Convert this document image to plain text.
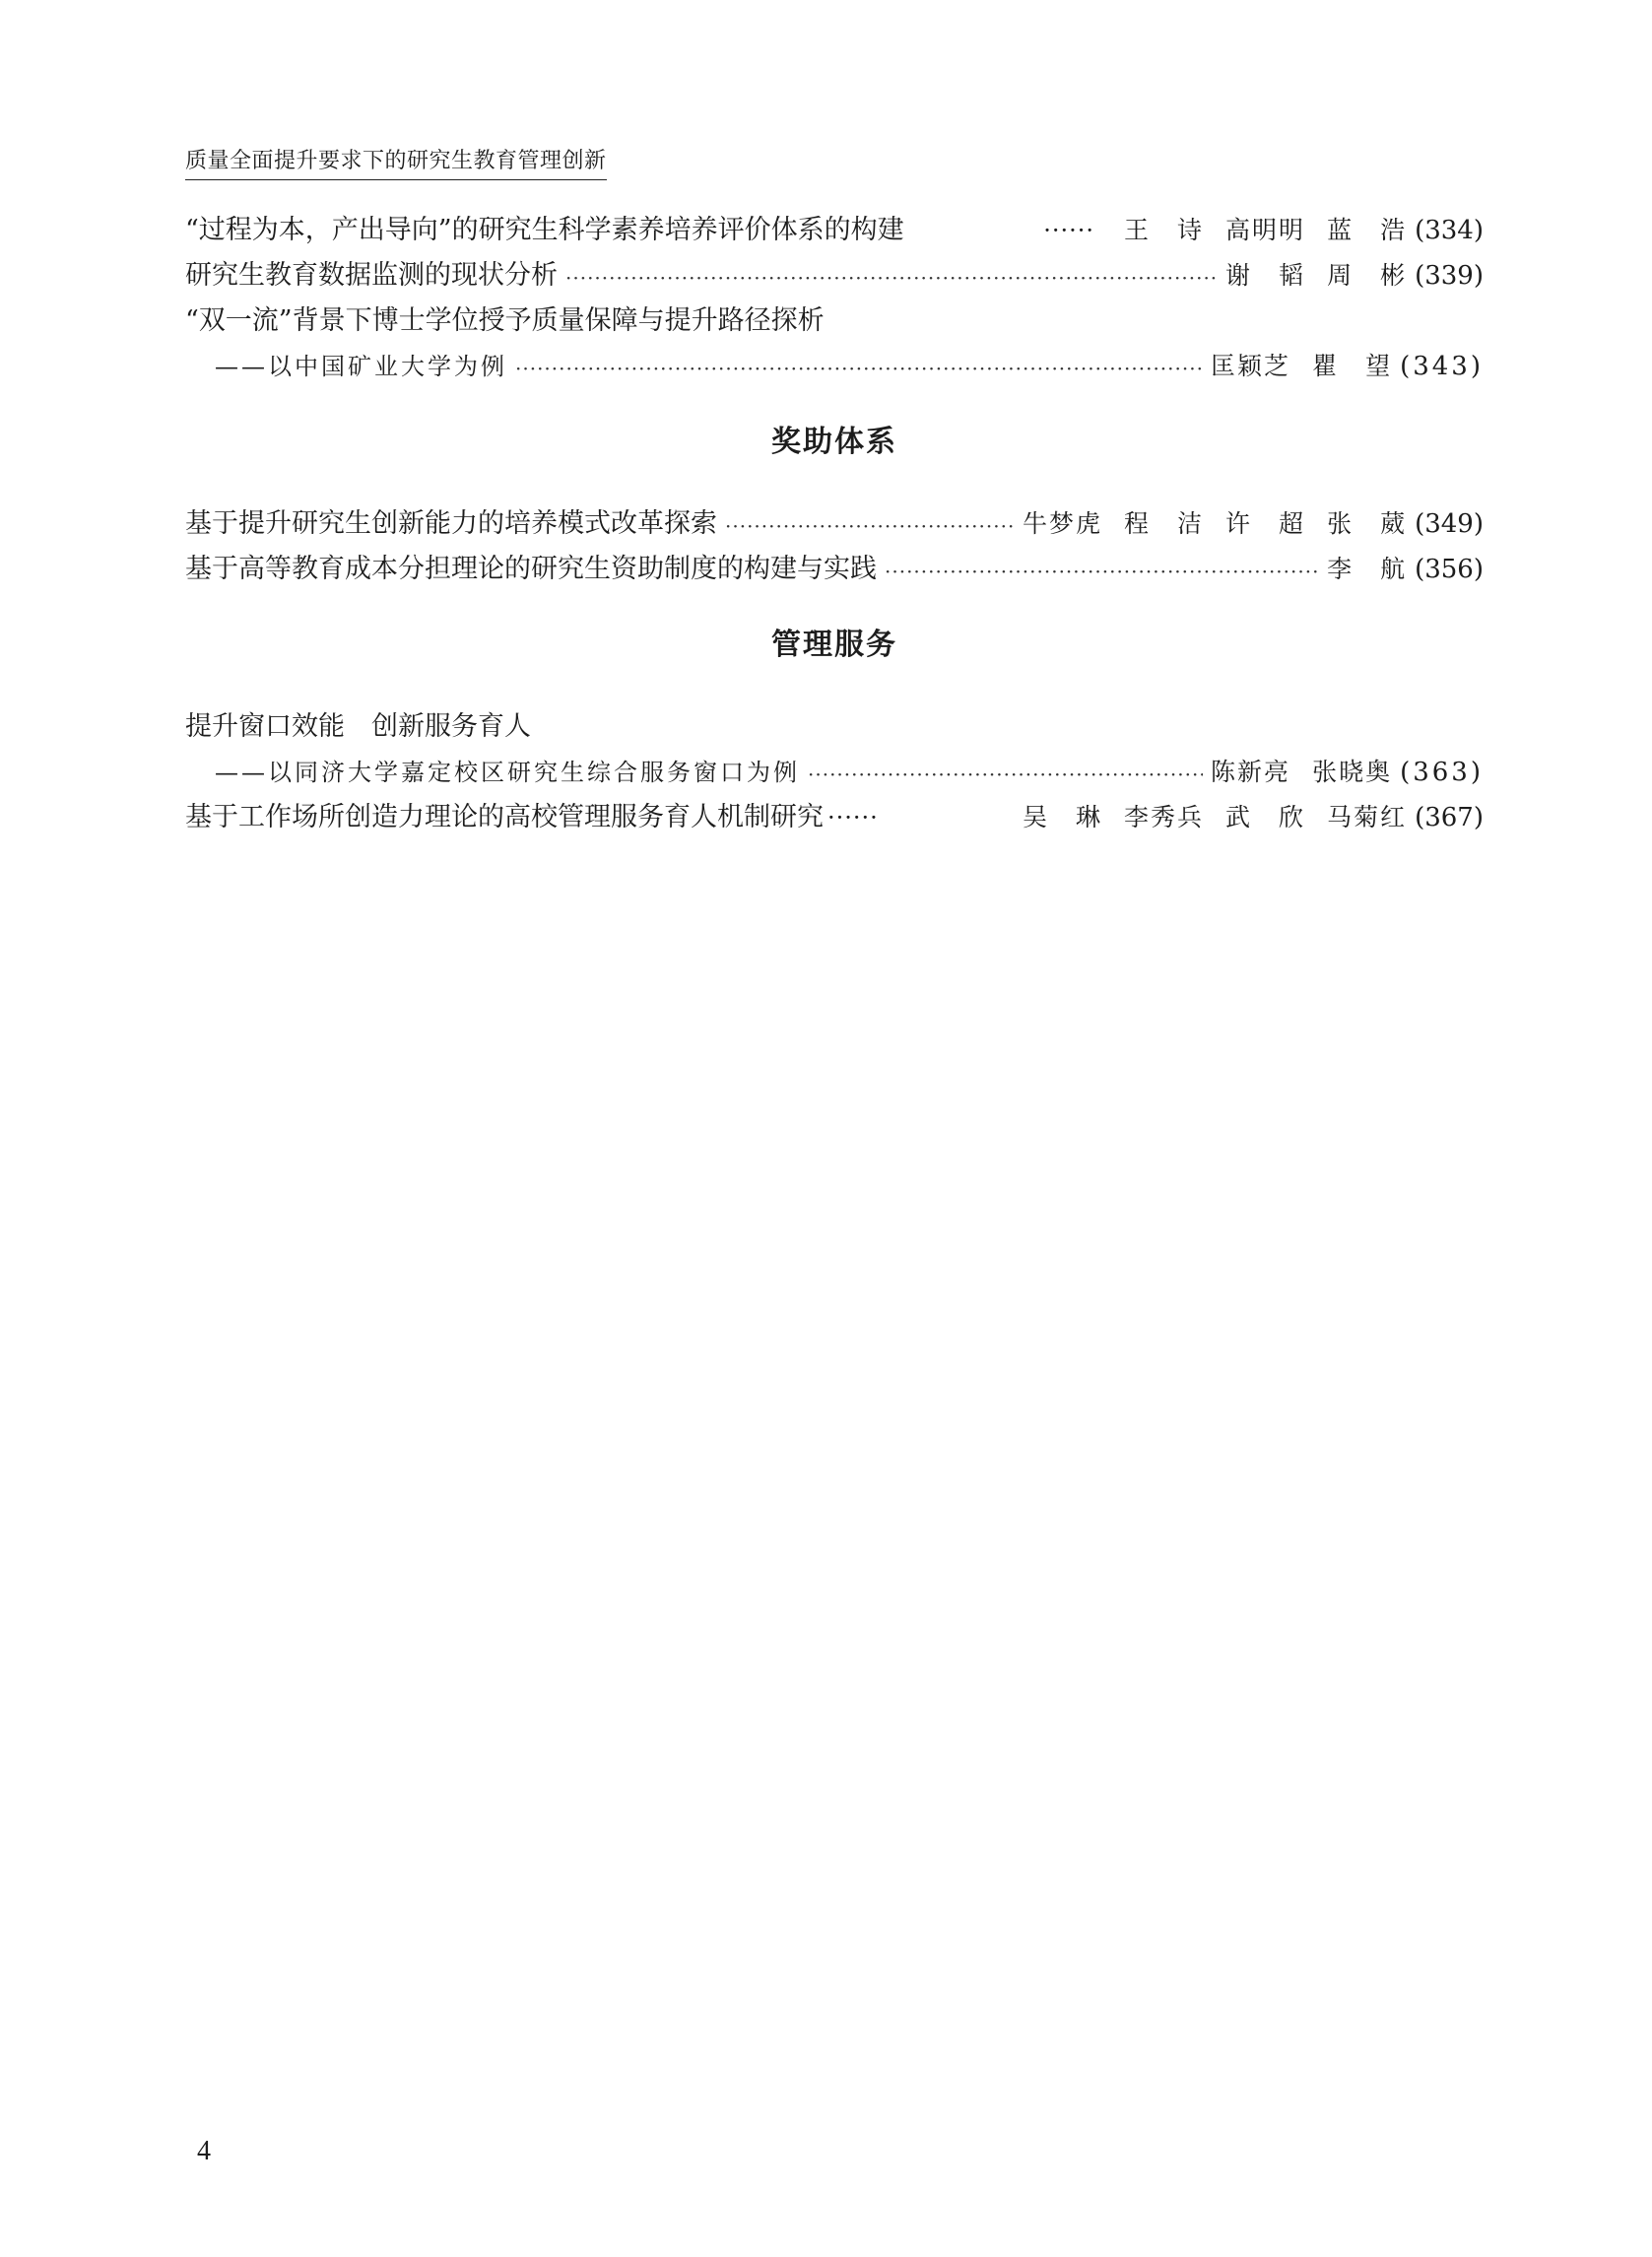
质量全面提升要求下的研究生教育管理创新
“过程为本，产出导向”的研究生科学素养培养评价体系的构建	······ 王　诗 高明明 蓝　浩 (334)
研究生教育数据监测的现状分析 ·····	谢　韬 周　彬 (339)
“双一流”背景下博士学位授予质量保障与提升路径探析
——以中国矿业大学为例 ·····	匡颖芝 瞿　望 (343)
奖助体系
基于提升研究生创新能力的培养模式改革探索 ·····	牛梦虎 程　洁 许　超 张　葳 (349)
基于高等教育成本分担理论的研究生资助制度的构建与实践 ·····	李　航 (356)
管理服务
提升窗口效能　创新服务育人
——以同济大学嘉定校区研究生综合服务窗口为例 ·····	陈新亮 张晓奥 (363)
基于工作场所创造力理论的高校管理服务育人机制研究 ······	吴　琳 李秀兵 武　欣 马菊红 (367)
4
